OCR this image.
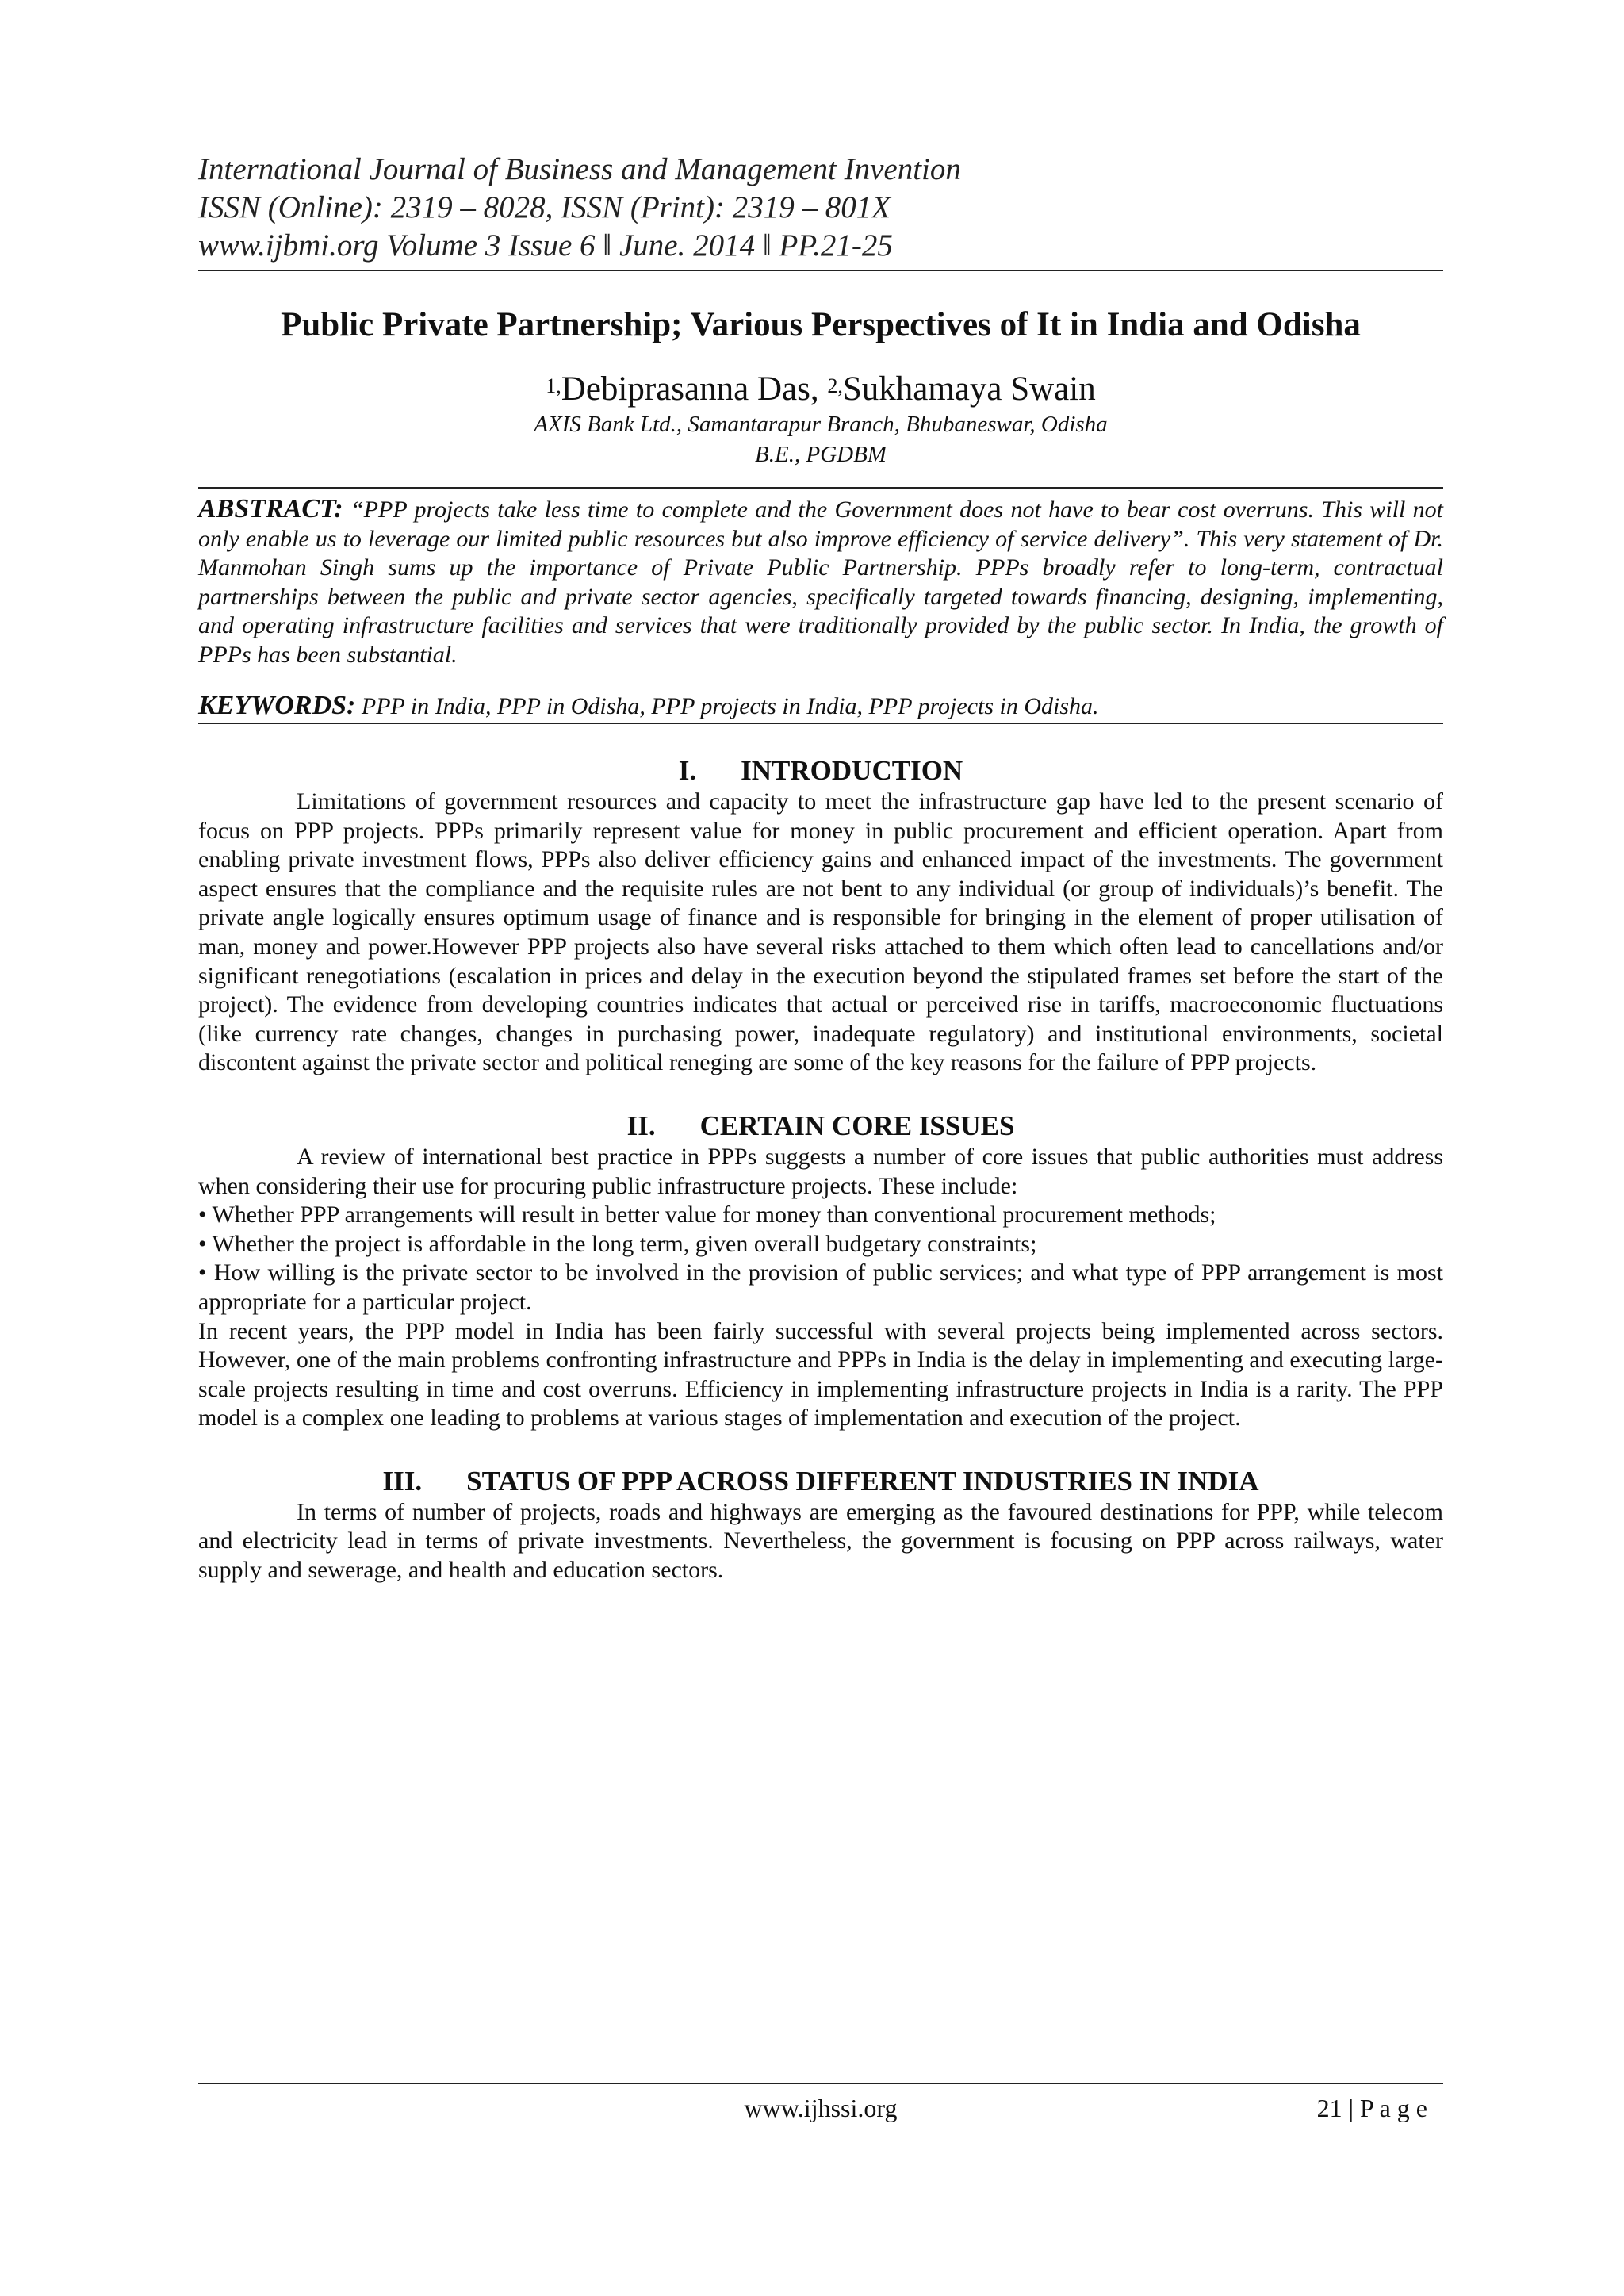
International Journal of Business and Management Invention
ISSN (Online): 2319 – 8028, ISSN (Print): 2319 – 801X
www.ijbmi.org Volume 3 Issue 6 ǁ June. 2014 ǁ PP.21-25
Public Private Partnership; Various Perspectives of It in India and Odisha
$^{1,}$Debiprasanna Das, $^{2,}$Sukhamaya Swain
AXIS Bank Ltd., Samantarapur Branch, Bhubaneswar, Odisha
B.E., PGDBM
ABSTRACT: “PPP projects take less time to complete and the Government does not have to bear cost overruns. This will not only enable us to leverage our limited public resources but also improve efficiency of service delivery”. This very statement of Dr. Manmohan Singh sums up the importance of Private Public Partnership. PPPs broadly refer to long-term, contractual partnerships between the public and private sector agencies, specifically targeted towards financing, designing, implementing, and operating infrastructure facilities and services that were traditionally provided by the public sector. In India, the growth of PPPs has been substantial.
KEYWORDS: PPP in India, PPP in Odisha, PPP projects in India, PPP projects in Odisha.
I. INTRODUCTION

Limitations of government resources and capacity to meet the infrastructure gap have led to the present scenario of focus on PPP projects. PPPs primarily represent value for money in public procurement and efficient operation. Apart from enabling private investment flows, PPPs also deliver efficiency gains and enhanced impact of the investments. The government aspect ensures that the compliance and the requisite rules are not bent to any individual (or group of individuals)’s benefit. The private angle logically ensures optimum usage of finance and is responsible for bringing in the element of proper utilisation of man, money and power.However PPP projects also have several risks attached to them which often lead to cancellations and/or significant renegotiations (escalation in prices and delay in the execution beyond the stipulated frames set before the start of the project). The evidence from developing countries indicates that actual or perceived rise in tariffs, macroeconomic fluctuations (like currency rate changes, changes in purchasing power, inadequate regulatory) and institutional environments, societal discontent against the private sector and political reneging are some of the key reasons for the failure of PPP projects.

II. CERTAIN CORE ISSUES

A review of international best practice in PPPs suggests a number of core issues that public authorities must address when considering their use for procuring public infrastructure projects. These include:

• Whether PPP arrangements will result in better value for money than conventional procurement methods;

• Whether the project is affordable in the long term, given overall budgetary constraints;

• How willing is the private sector to be involved in the provision of public services; and what type of PPP arrangement is most appropriate for a particular project.

In recent years, the PPP model in India has been fairly successful with several projects being implemented across sectors. However, one of the main problems confronting infrastructure and PPPs in India is the delay in implementing and executing large-scale projects resulting in time and cost overruns. Efficiency in implementing infrastructure projects in India is a rarity. The PPP model is a complex one leading to problems at various stages of implementation and execution of the project.

III. STATUS OF PPP ACROSS DIFFERENT INDUSTRIES IN INDIA

In terms of number of projects, roads and highways are emerging as the favoured destinations for PPP, while telecom and electricity lead in terms of private investments. Nevertheless, the government is focusing on PPP across railways, water supply and sewerage, and health and education sectors.

www.ijhssi.org	21 | P a g e
